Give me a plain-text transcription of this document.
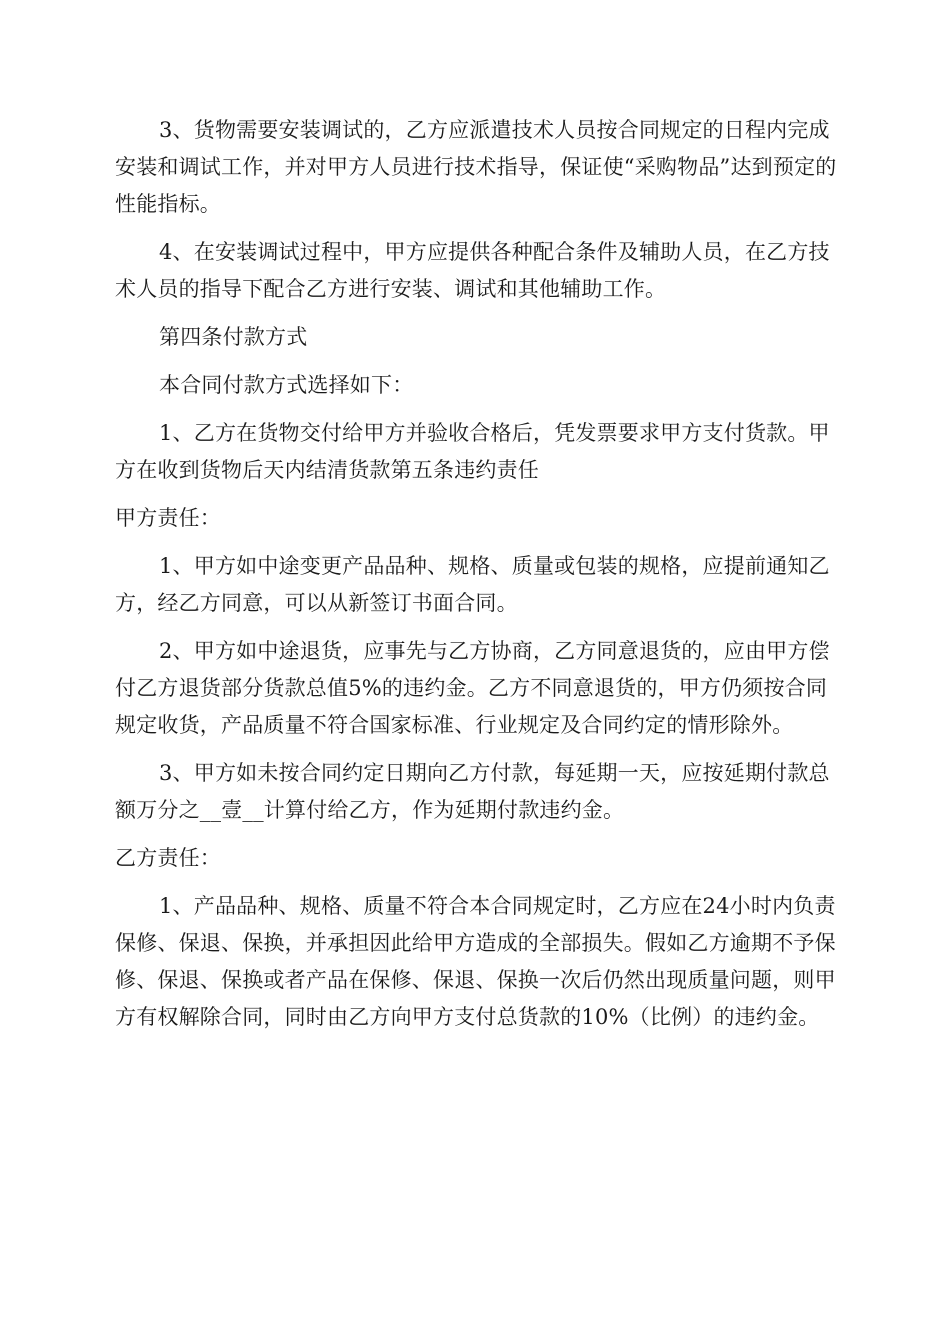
3、货物需要安装调试的，乙方应派遣技术人员按合同规定的日程内完成安装和调试工作，并对甲方人员进行技术指导，保证使“采购物品”达到预定的性能指标。

4、在安装调试过程中，甲方应提供各种配合条件及辅助人员，在乙方技术人员的指导下配合乙方进行安装、调试和其他辅助工作。

第四条付款方式

本合同付款方式选择如下：

1、乙方在货物交付给甲方并验收合格后，凭发票要求甲方支付货款。甲方在收到货物后天内结清货款第五条违约责任

甲方责任：

1、甲方如中途变更产品品种、规格、质量或包装的规格，应提前通知乙方，经乙方同意，可以从新签订书面合同。

2、甲方如中途退货，应事先与乙方协商，乙方同意退货的，应由甲方偿付乙方退货部分货款总值5%的违约金。乙方不同意退货的，甲方仍须按合同规定收货，产品质量不符合国家标准、行业规定及合同约定的情形除外。

3、甲方如未按合同约定日期向乙方付款，每延期一天，应按延期付款总额万分之__壹__计算付给乙方，作为延期付款违约金。

乙方责任：

1、产品品种、规格、质量不符合本合同规定时，乙方应在24小时内负责保修、保退、保换，并承担因此给甲方造成的全部损失。假如乙方逾期不予保修、保退、保换或者产品在保修、保退、保换一次后仍然出现质量问题，则甲方有权解除合同，同时由乙方向甲方支付总货款的10%（比例）的违约金。
